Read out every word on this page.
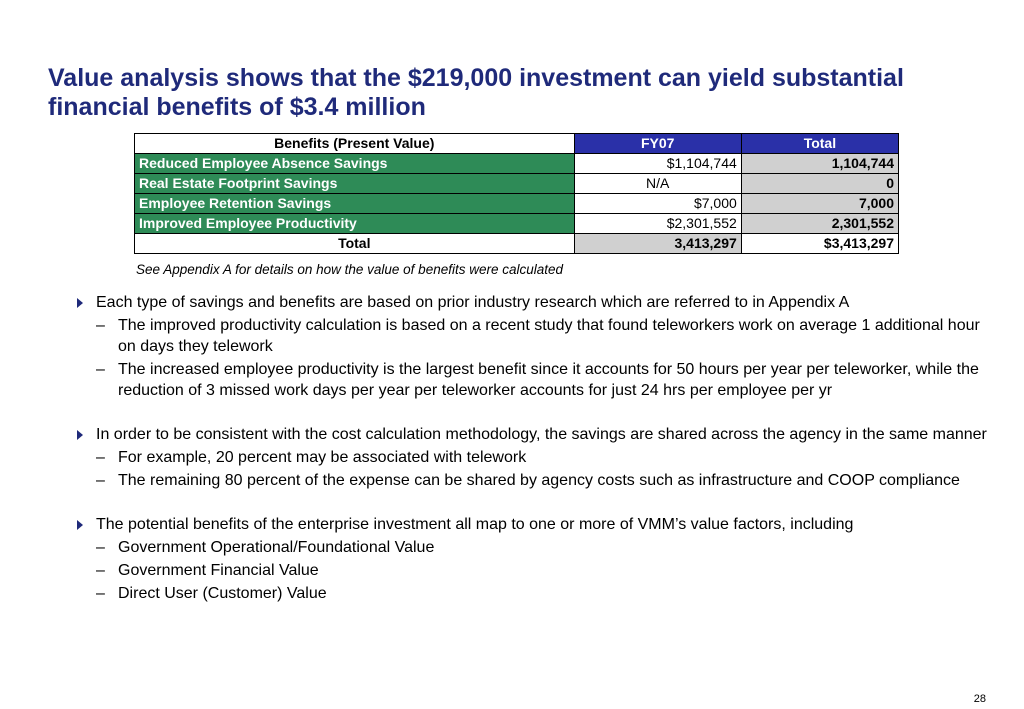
Value analysis shows that the $219,000 investment can yield substantial financial benefits of $3.4 million
Benefits (Present Value)	FY07	Total
Reduced Employee Absence Savings	$1,104,744	1,104,744
Real Estate Footprint Savings	N/A	0
Employee Retention Savings	$7,000	7,000
Improved Employee Productivity	$2,301,552	2,301,552
Total	3,413,297	$3,413,297
See Appendix A for details on how the value of benefits were calculated
Each type of savings and benefits are based on prior industry research which are referred to in Appendix A
– The improved productivity calculation is based on a recent study that found teleworkers work on average 1 additional hour on days they telework
– The increased employee productivity is the largest benefit since it accounts for 50 hours per year per teleworker, while the reduction of 3 missed work days per year per teleworker accounts for just 24 hrs per employee per yr
In order to be consistent with the cost calculation methodology, the savings are shared across the agency in the same manner
– For example, 20 percent may be associated with telework
– The remaining 80 percent of the expense can be shared by agency costs such as infrastructure and COOP compliance
The potential benefits of the enterprise investment all map to one or more of VMM’s value factors, including
– Government Operational/Foundational Value
– Government Financial Value
– Direct User (Customer) Value
28
